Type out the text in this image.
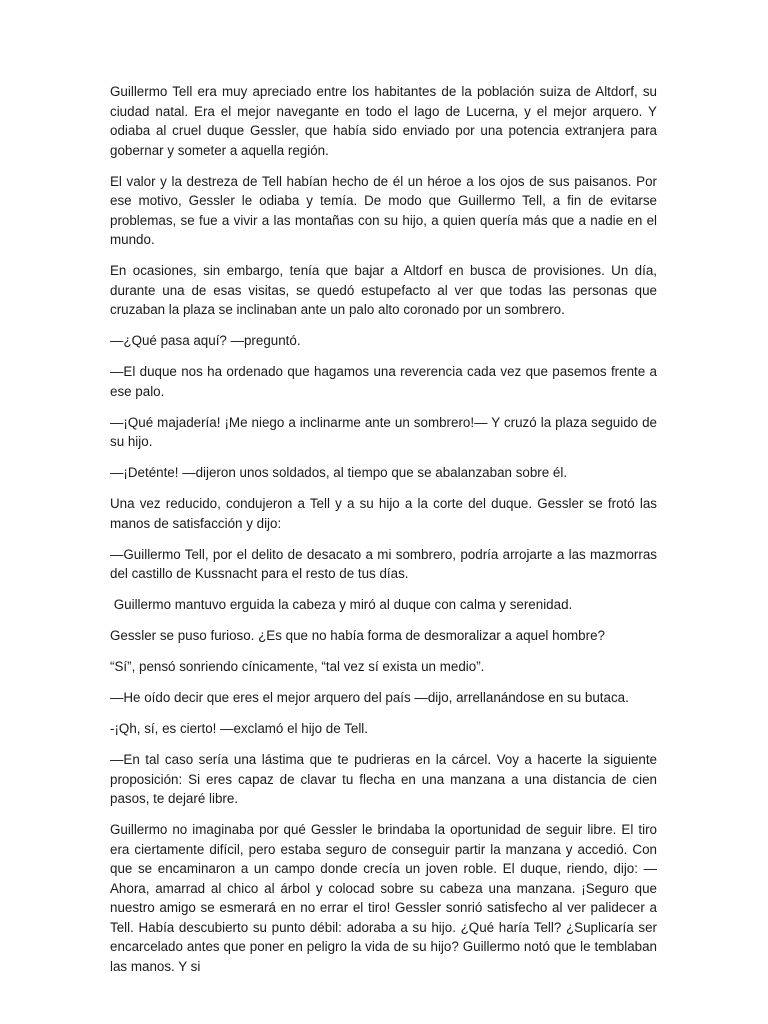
Guillermo Tell era muy apreciado entre los habitantes de la población suiza de Altdorf, su ciudad natal. Era el mejor navegante en todo el lago de Lucerna, y el mejor arquero. Y odiaba al cruel duque Gessler, que había sido enviado por una potencia extranjera para gobernar y someter a aquella región.

El valor y la destreza de Tell habían hecho de él un héroe a los ojos de sus paisanos. Por ese motivo, Gessler le odiaba y temía. De modo que Guillermo Tell, a fin de evitarse problemas, se fue a vivir a las montañas con su hijo, a quien quería más que a nadie en el mundo.

En ocasiones, sin embargo, tenía que bajar a Altdorf en busca de provisiones. Un día, durante una de esas visitas, se quedó estupefacto al ver que todas las personas que cruzaban la plaza se inclinaban ante un palo alto coronado por un sombrero.

—¿Qué pasa aquí? —preguntó.

—El duque nos ha ordenado que hagamos una reverencia cada vez que pasemos frente a ese palo.

—¡Qué majadería! ¡Me niego a inclinarme ante un sombrero!— Y cruzó la plaza seguido de su hijo.

—¡Deténte! —dijeron unos soldados, al tiempo que se abalanzaban sobre él.

Una vez reducido, condujeron a Tell y a su hijo a la corte del duque. Gessler se frotó las manos de satisfacción y dijo:

—Guillermo Tell, por el delito de desacato a mi sombrero, podría arrojarte a las mazmorras del castillo de Kussnacht para el resto de tus días.

Guillermo mantuvo erguida la cabeza y miró al duque con calma y serenidad.

Gessler se puso furioso. ¿Es que no había forma de desmoralizar a aquel hombre?

“Sí”, pensó sonriendo cínicamente, “tal vez sí exista un medio”.

—He oído decir que eres el mejor arquero del país —dijo, arrellanándose en su butaca.

-¡Qh, sí, es cierto! —exclamó el hijo de Tell.

—En tal caso sería una lástima que te pudrieras en la cárcel. Voy a hacerte la siguiente proposición: Si eres capaz de clavar tu flecha en una manzana a una distancia de cien pasos, te dejaré libre.

Guillermo no imaginaba por qué Gessler le brindaba la oportunidad de seguir libre. El tiro era ciertamente difícil, pero estaba seguro de conseguir partir la manzana y accedió. Con que se encaminaron a un campo donde crecía un joven roble. El duque, riendo, dijo: —Ahora, amarrad al chico al árbol y colocad sobre su cabeza una manzana. ¡Seguro que nuestro amigo se esmerará en no errar el tiro! Gessler sonrió satisfecho al ver palidecer a Tell. Había descubierto su punto débil: adoraba a su hijo. ¿Qué haría Tell? ¿Suplicaría ser encarcelado antes que poner en peligro la vida de su hijo? Guillermo notó que le temblaban las manos. Y si
